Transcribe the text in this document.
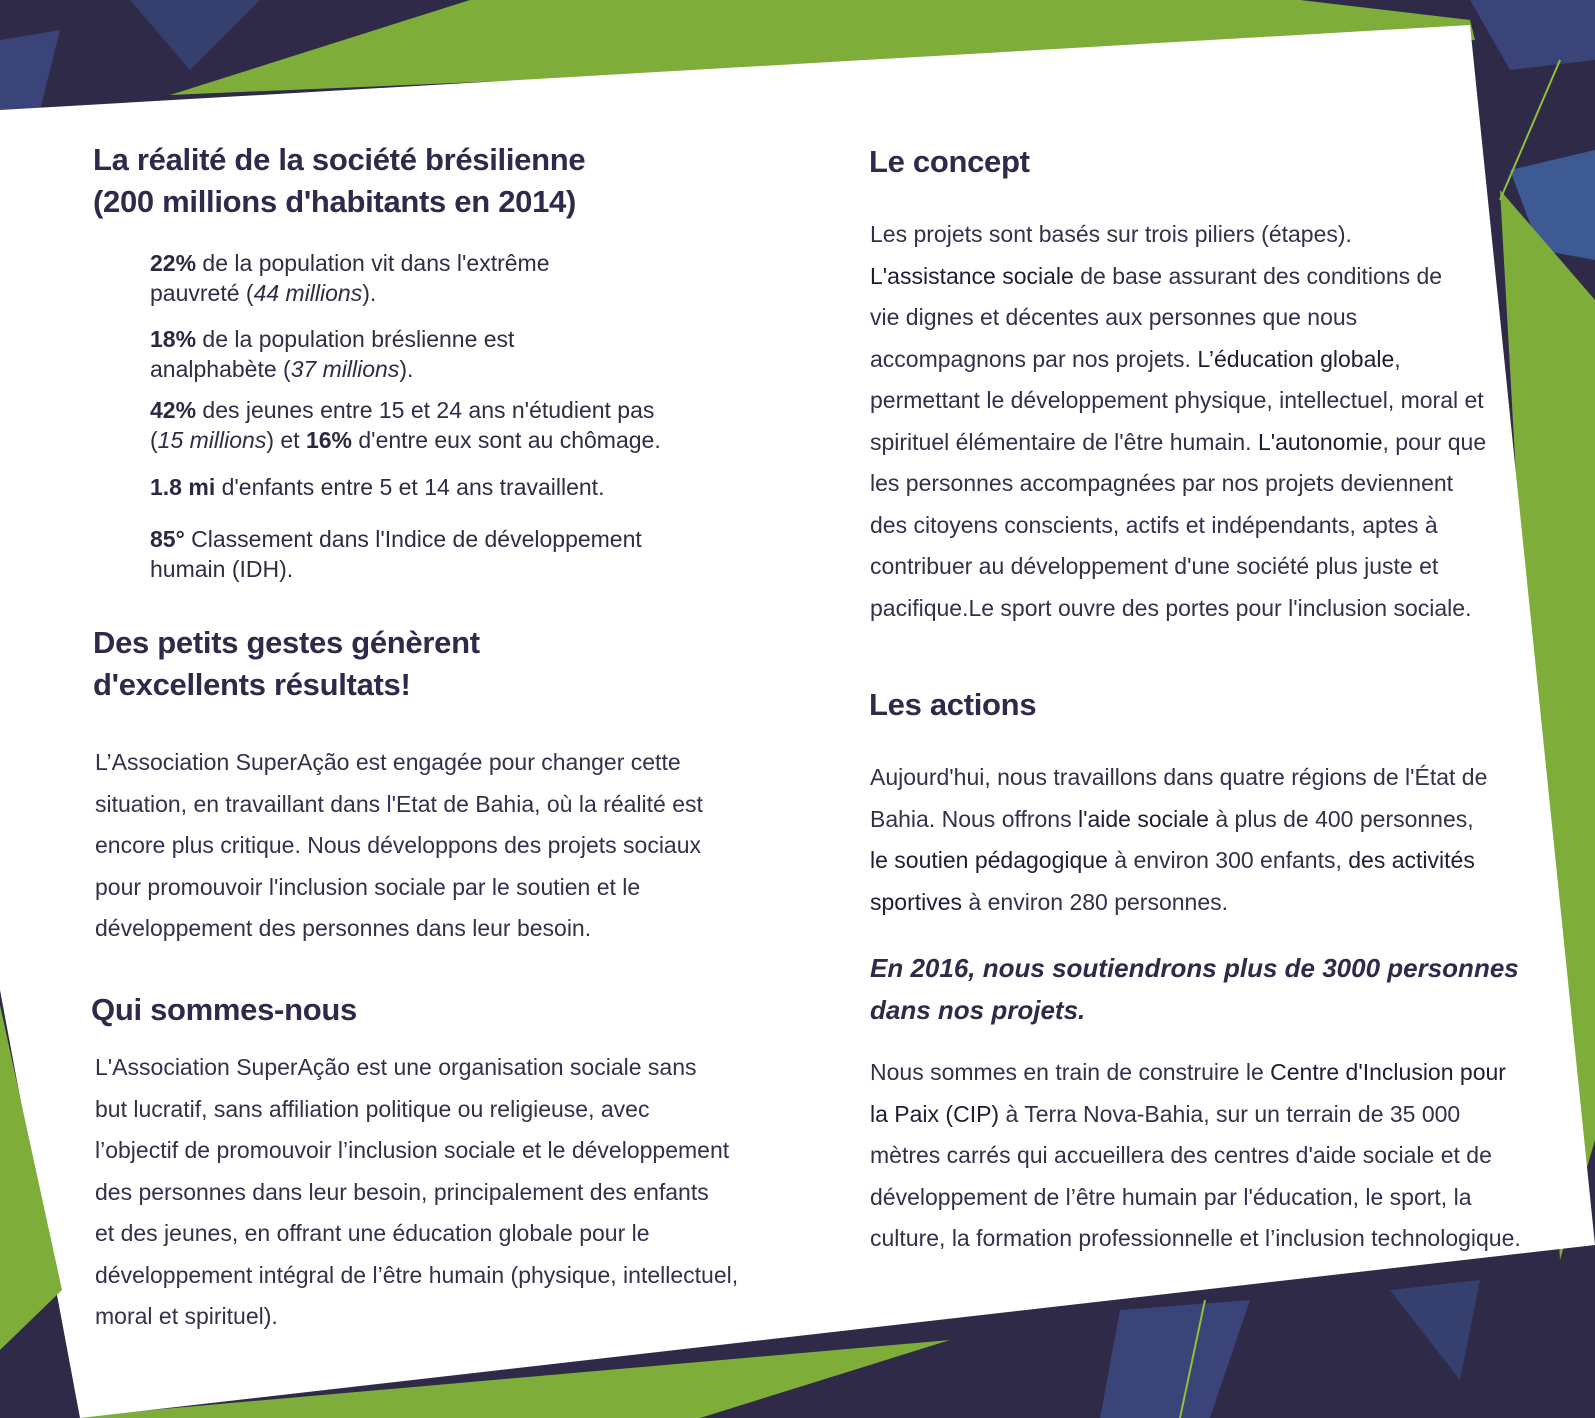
La réalité de la société brésilienne
(200 millions d'habitants en 2014)
22% de la population vit dans l'extrême
pauvreté (44 millions).
18% de la population bréslienne est
analphabète (37 millions).
42% des jeunes entre 15 et 24 ans n'étudient pas
(15 millions) et 16% d'entre eux sont au chômage.
1.8 mi d'enfants entre 5 et 14 ans travaillent.
85° Classement dans l'Indice de développement
humain (IDH).
Des petits gestes génèrent
d'excellents résultats!

L’Association SuperAção est engagée pour changer cette
situation, en travaillant dans l'Etat de Bahia, où la réalité est
encore plus critique. Nous développons des projets sociaux
pour promouvoir l'inclusion sociale par le soutien et le
développement des personnes dans leur besoin.

Qui sommes-nous

L'Association SuperAção est une organisation sociale sans
but lucratif, sans affiliation politique ou religieuse, avec
l’objectif de promouvoir l’inclusion sociale et le développement
des personnes dans leur besoin, principalement des enfants
et des jeunes, en offrant une éducation globale pour le
développement intégral de l’être humain (physique, intellectuel,
moral et spirituel).

Le concept

Les projets sont basés sur trois piliers (étapes).
L'assistance sociale de base assurant des conditions de
vie dignes et décentes aux personnes que nous
accompagnons par nos projets. L’éducation globale,
permettant le développement physique, intellectuel, moral et
spirituel élémentaire de l'être humain. L'autonomie, pour que
les personnes accompagnées par nos projets deviennent
des citoyens conscients, actifs et indépendants, aptes à
contribuer au développement d'une société plus juste et
pacifique.Le sport ouvre des portes pour l'inclusion sociale.

Les actions

Aujourd'hui, nous travaillons dans quatre régions de l'État de
Bahia. Nous offrons l'aide sociale à plus de 400 personnes,
le soutien pédagogique à environ 300 enfants, des activités
sportives à environ 280 personnes.

En 2016, nous soutiendrons plus de 3000 personnes
dans nos projets.

Nous sommes en train de construire le Centre d'Inclusion pour
la Paix (CIP) à Terra Nova-Bahia, sur un terrain de 35 000
mètres carrés qui accueillera des centres d'aide sociale et de
développement de l’être humain par l'éducation, le sport, la
culture, la formation professionnelle et l’inclusion technologique.
